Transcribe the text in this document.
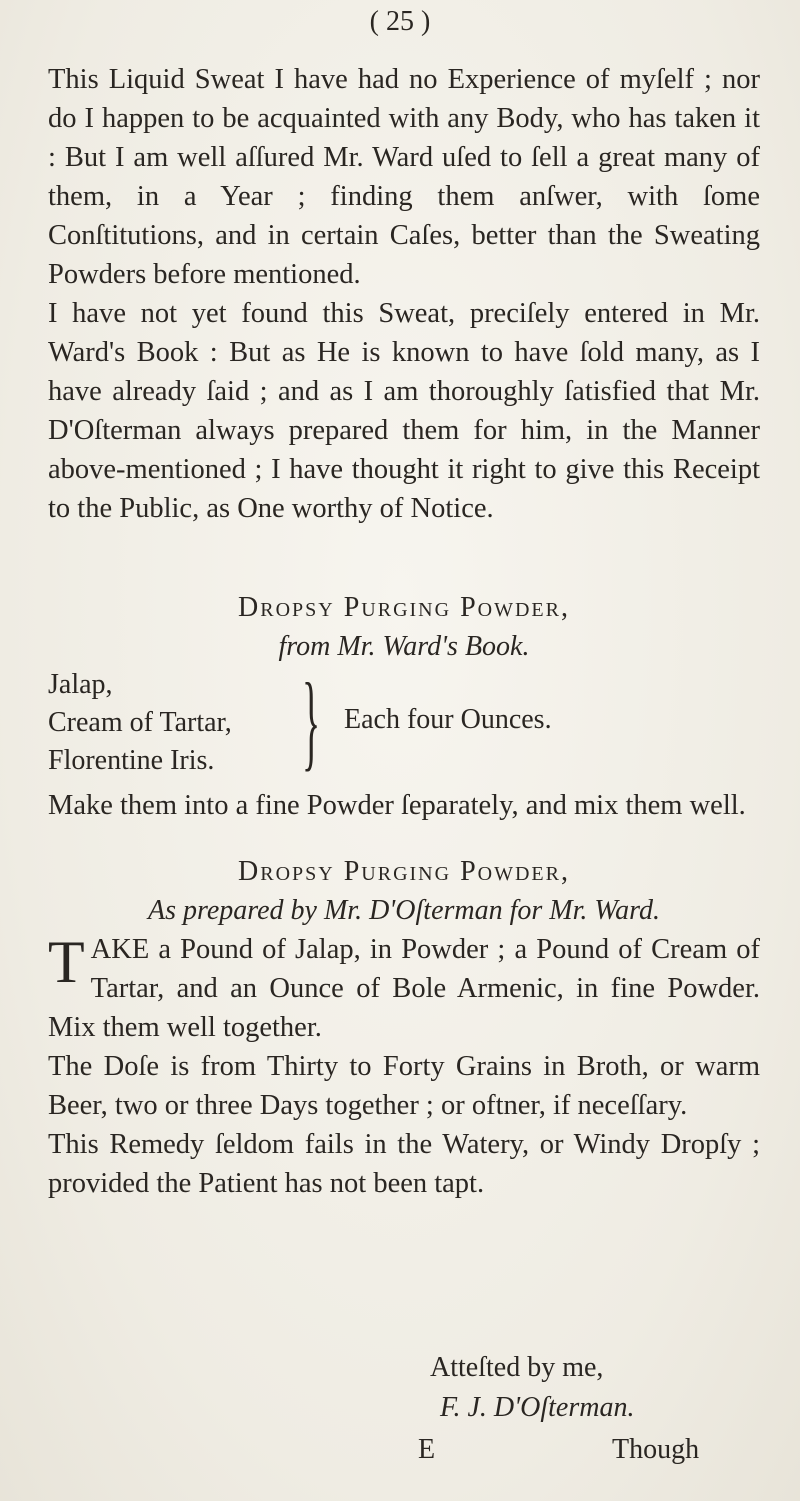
( 25 )

This Liquid Sweat I have had no Experience of myſelf ; nor do I happen to be acquainted with any Body, who has taken it : But I am well aſſured Mr. Ward uſed to ſell a great many of them, in a Year ; finding them anſwer, with ſome Conſtitutions, and in certain Caſes, better than the Sweating Powders before mentioned.

I have not yet found this Sweat, preciſely entered in Mr. Ward's Book : But as He is known to have ſold many, as I have already ſaid ; and as I am thoroughly ſatisfied that Mr. D'Oſterman always prepared them for him, in the Manner above-mentioned ; I have thought it right to give this Receipt to the Public, as One worthy of Notice.

Dropsy Purging Powder,
from Mr. Ward's Book.
Jalap,
Cream of Tartar,
Florentine Iris. } Each four Ounces.

Make them into a fine Powder ſeparately, and mix them well.

Dropsy Purging Powder,
As prepared by Mr. D'Oſterman for Mr. Ward.

TAKE a Pound of Jalap, in Powder ; a Pound of Cream of Tartar, and an Ounce of Bole Armenic, in fine Powder. Mix them well together.

The Doſe is from Thirty to Forty Grains in Broth, or warm Beer, two or three Days together ; or oftner, if neceſſary.

This Remedy ſeldom fails in the Watery, or Windy Dropſy ; provided the Patient has not been tapt.

Atteſted by me,
F. J. D'Oſterman.
E	Though
